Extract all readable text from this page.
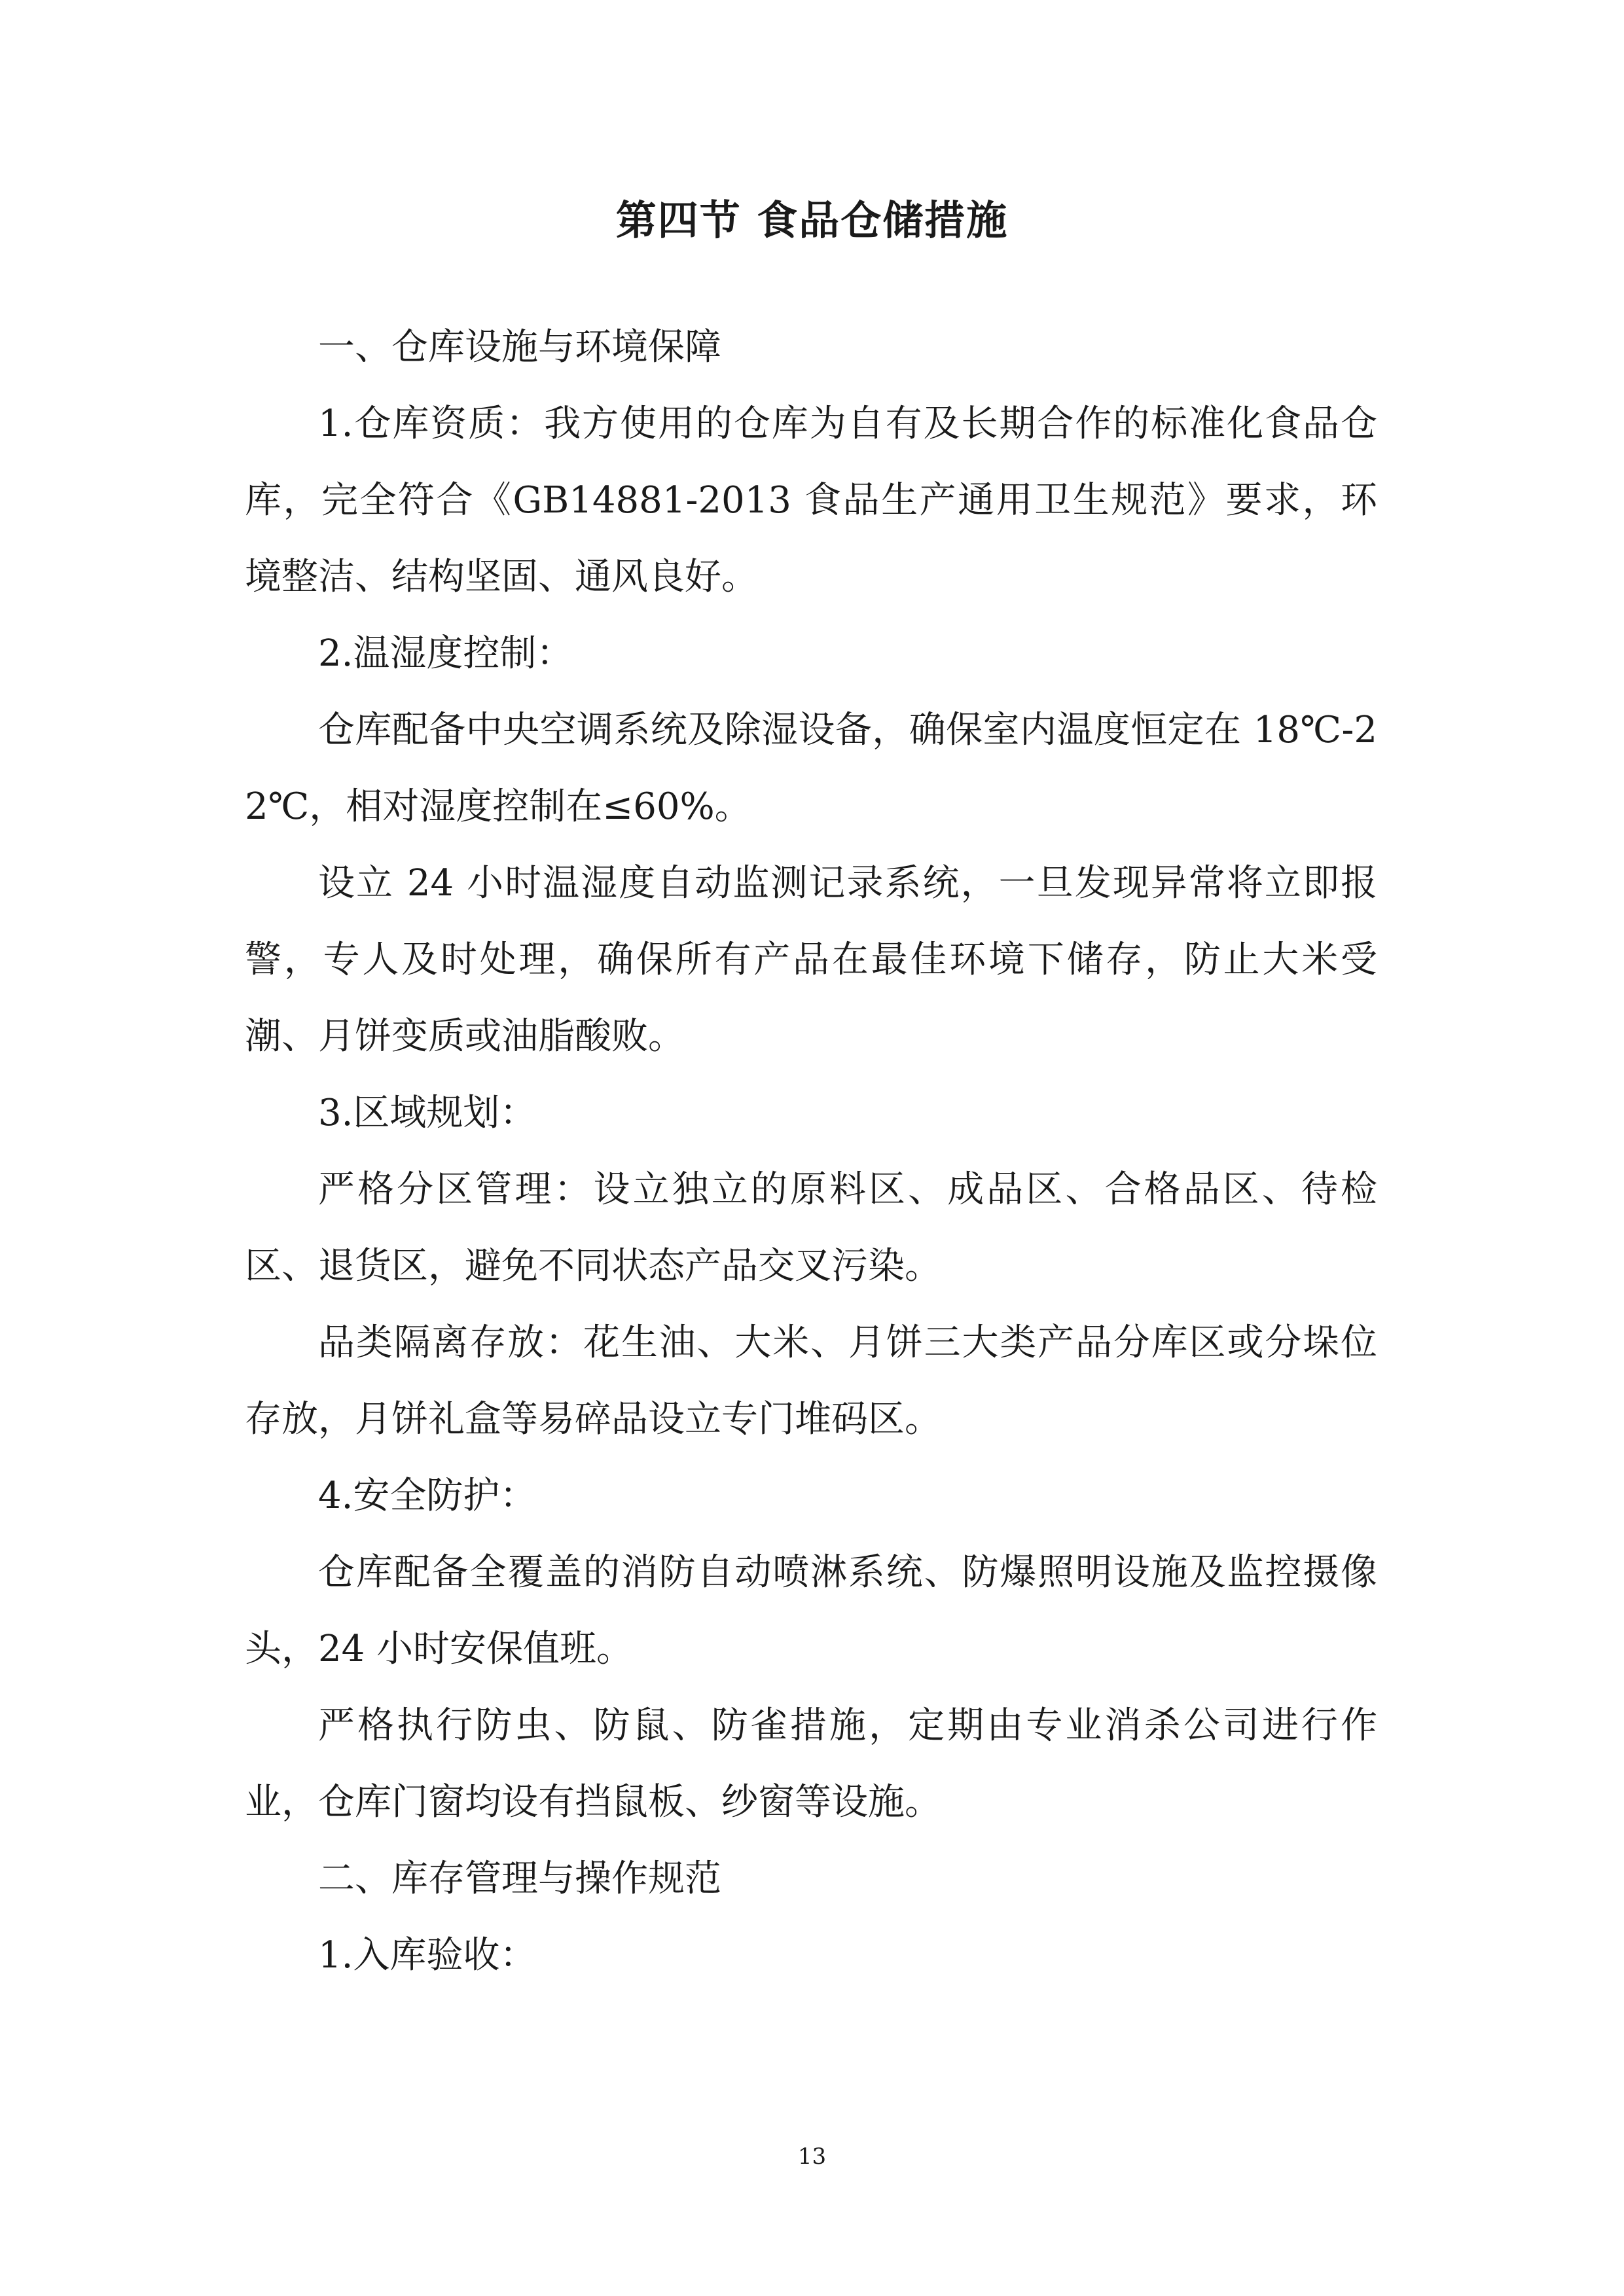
第四节 食品仓储措施

一、仓库设施与环境保障

1.仓库资质：我方使用的仓库为自有及长期合作的标准化食品仓库，完全符合《GB14881-2013 食品生产通用卫生规范》要求，环境整洁、结构坚固、通风良好。

2.温湿度控制：

仓库配备中央空调系统及除湿设备，确保室内温度恒定在 18℃-22℃，相对湿度控制在≤60%。

设立 24 小时温湿度自动监测记录系统，一旦发现异常将立即报警，专人及时处理，确保所有产品在最佳环境下储存，防止大米受潮、月饼变质或油脂酸败。

3.区域规划：

严格分区管理：设立独立的原料区、成品区、合格品区、待检区、退货区，避免不同状态产品交叉污染。

品类隔离存放：花生油、大米、月饼三大类产品分库区或分垛位存放，月饼礼盒等易碎品设立专门堆码区。

4.安全防护：

仓库配备全覆盖的消防自动喷淋系统、防爆照明设施及监控摄像头，24 小时安保值班。

严格执行防虫、防鼠、防雀措施，定期由专业消杀公司进行作业，仓库门窗均设有挡鼠板、纱窗等设施。

二、库存管理与操作规范

1.入库验收：

13
